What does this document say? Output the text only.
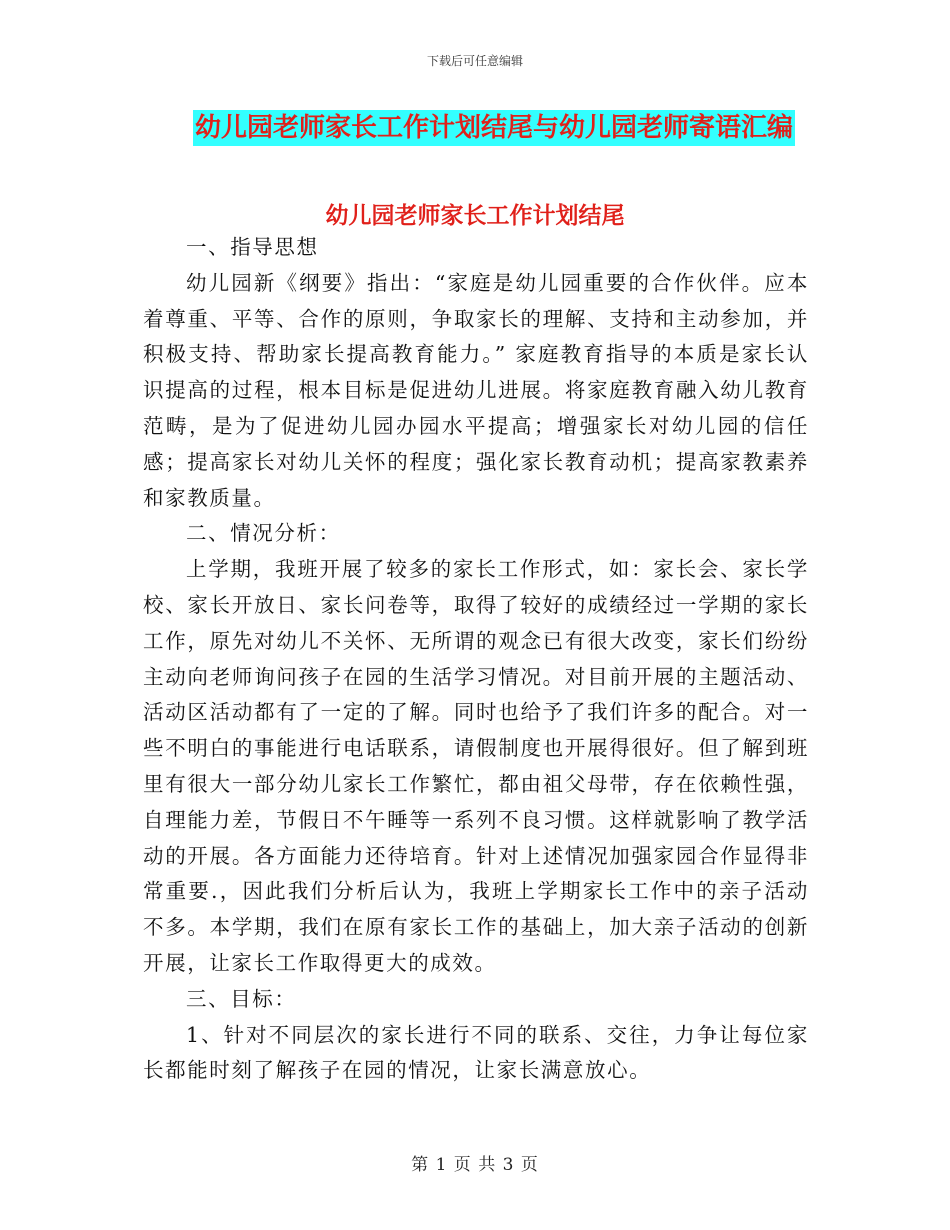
下载后可任意编辑
幼儿园老师家长工作计划结尾与幼儿园老师寄语汇编
幼儿园老师家长工作计划结尾

一、指导思想

幼儿园新《纲要》指出：“家庭是幼儿园重要的合作伙伴。应本着尊重、平等、合作的原则，争取家长的理解、支持和主动参加，并积极支持、帮助家长提高教育能力。” 家庭教育指导的本质是家长认识提高的过程，根本目标是促进幼儿进展。将家庭教育融入幼儿教育范畴，是为了促进幼儿园办园水平提高；增强家长对幼儿园的信任感；提高家长对幼儿关怀的程度；强化家长教育动机；提高家教素养和家教质量。

二、情况分析：

上学期，我班开展了较多的家长工作形式，如：家长会、家长学校、家长开放日、家长问卷等，取得了较好的成绩经过一学期的家长工作，原先对幼儿不关怀、无所谓的观念已有很大改变，家长们纷纷主动向老师询问孩子在园的生活学习情况。对目前开展的主题活动、活动区活动都有了一定的了解。同时也给予了我们许多的配合。对一些不明白的事能进行电话联系，请假制度也开展得很好。但了解到班里有很大一部分幼儿家长工作繁忙，都由祖父母带，存在依赖性强，自理能力差，节假日不午睡等一系列不良习惯。这样就影响了教学活动的开展。各方面能力还待培育。针对上述情况加强家园合作显得非常重要.，因此我们分析后认为，我班上学期家长工作中的亲子活动不多。本学期，我们在原有家长工作的基础上，加大亲子活动的创新开展，让家长工作取得更大的成效。

三、目标：

1、针对不同层次的家长进行不同的联系、交往，力争让每位家长都能时刻了解孩子在园的情况，让家长满意放心。

第 1 页 共 3 页
